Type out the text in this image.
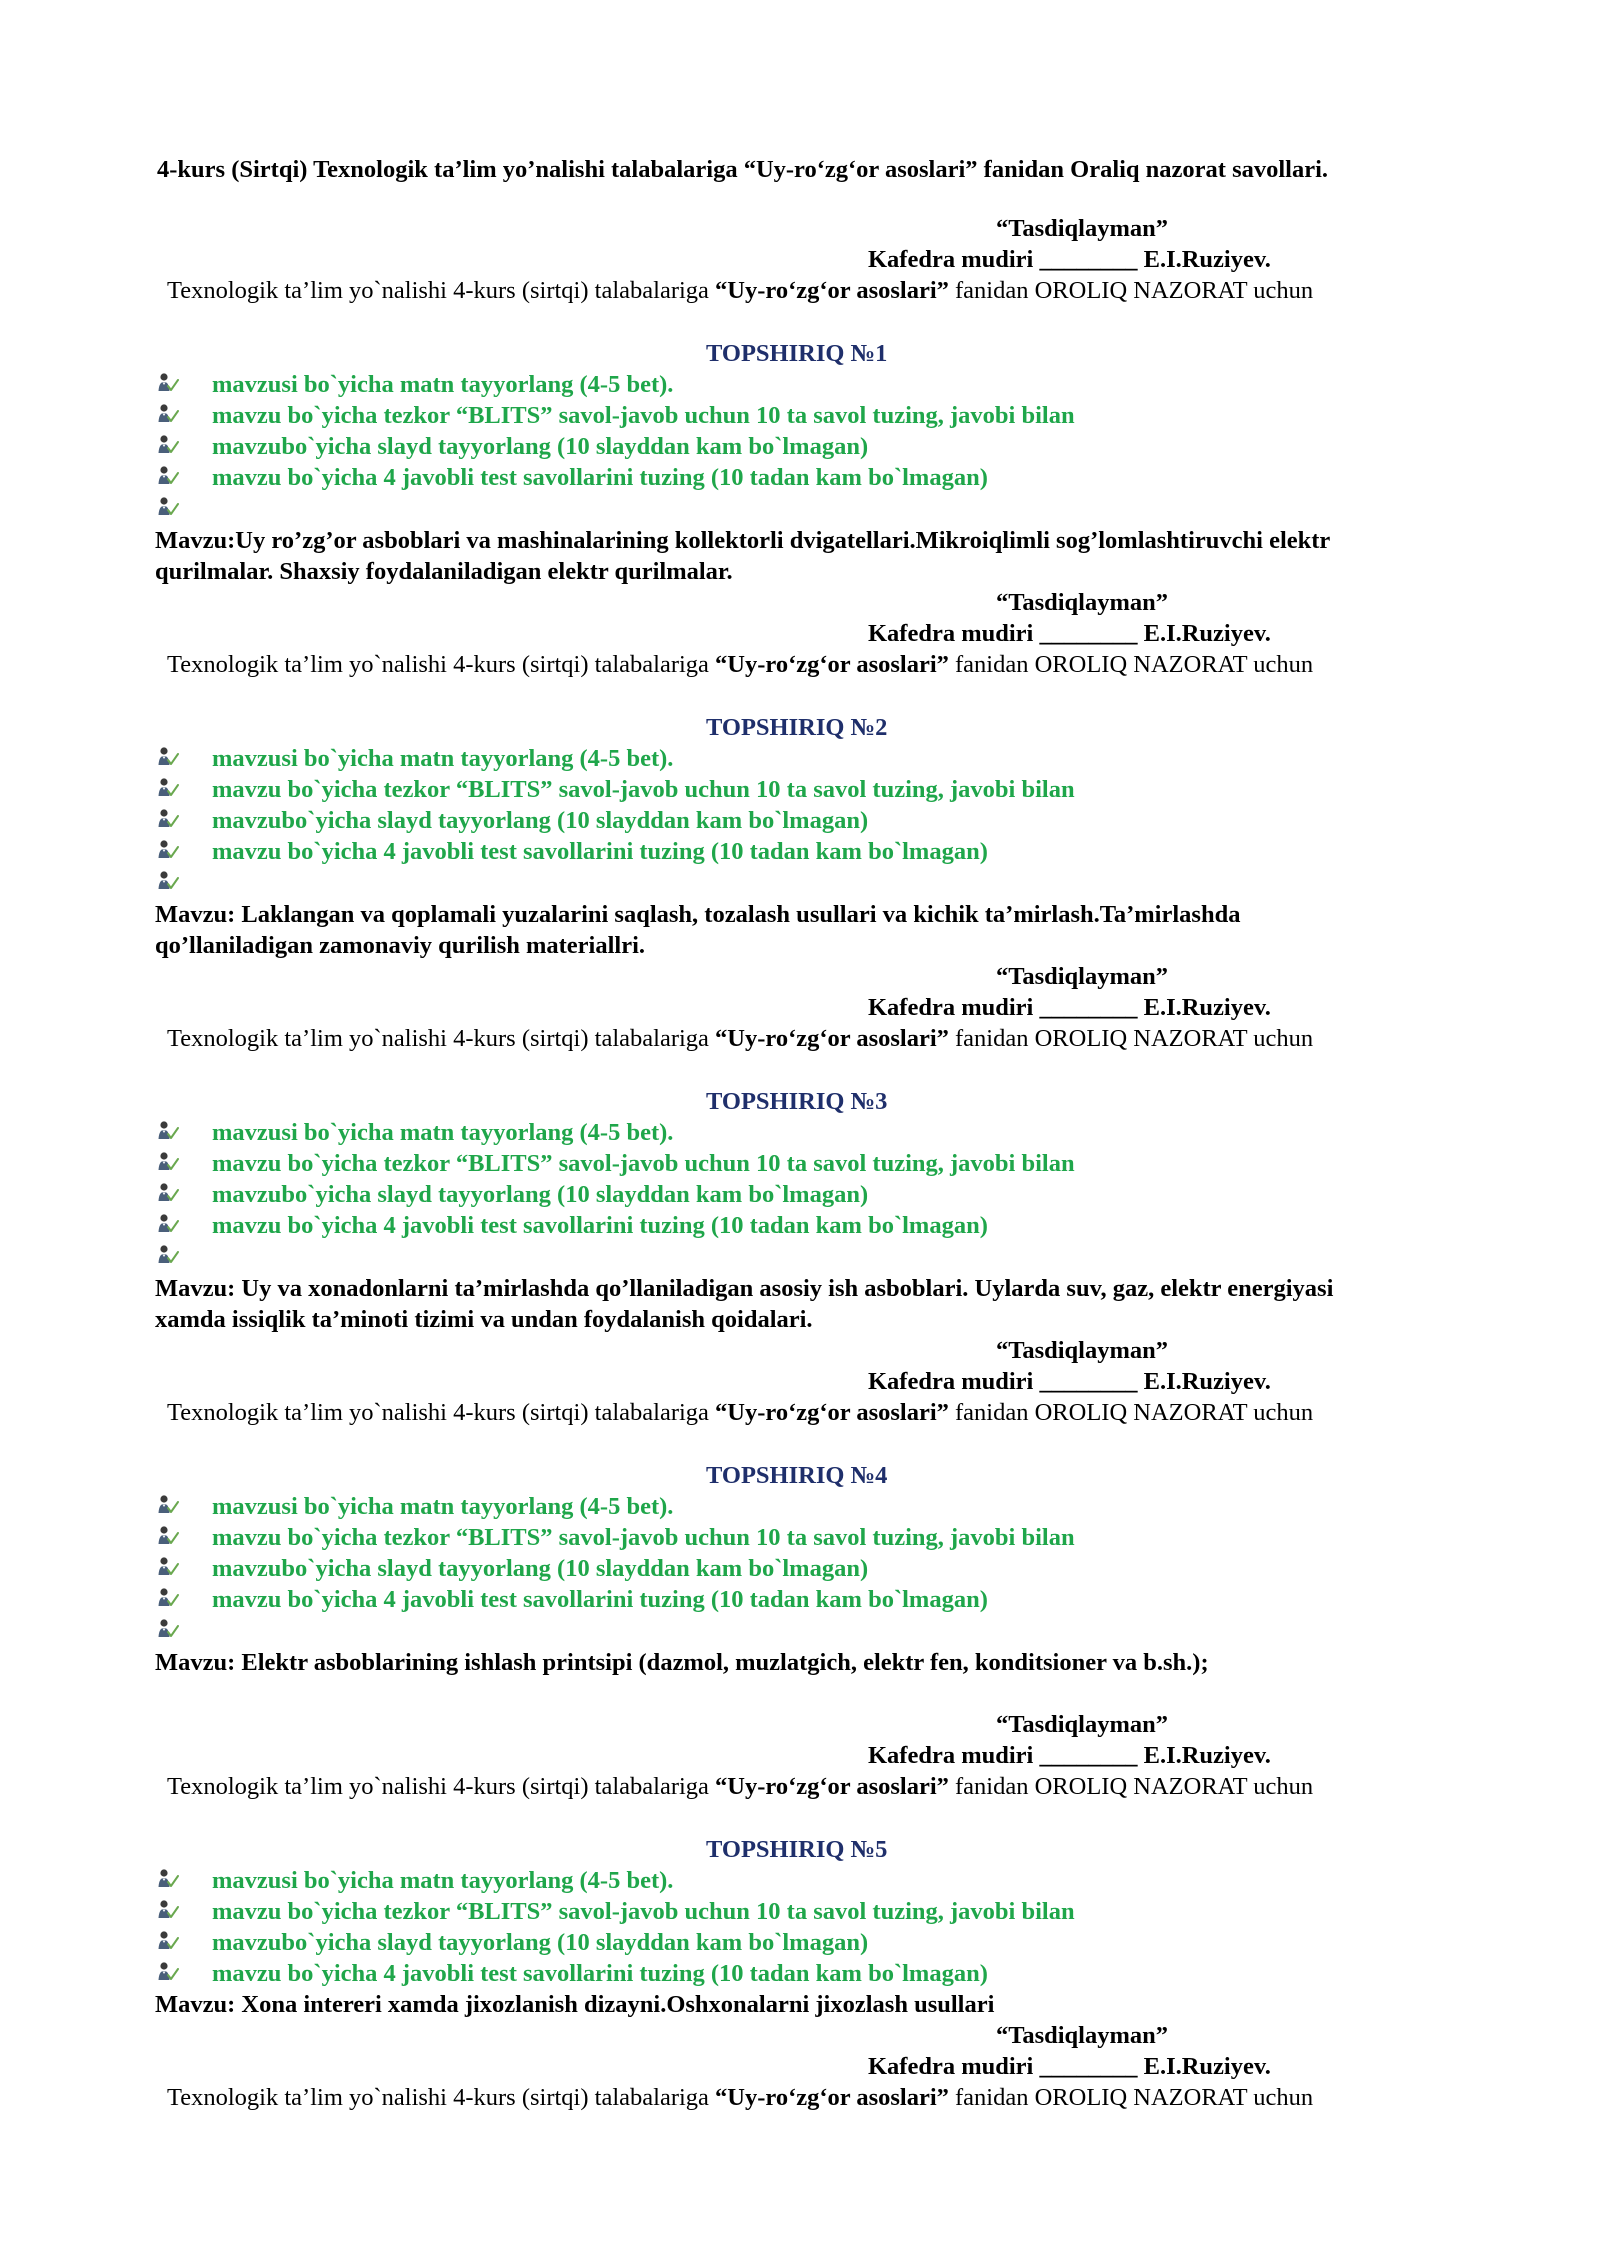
4-kurs (Sirtqi) Texnologik ta’lim yo’nalishi talabalariga “Uy-ro‘zg‘or asoslari” fanidan Oraliq nazorat savollari.
“Tasdiqlayman”
Kafedra mudiri ________ E.I.Ruziyev.
Texnologik ta’lim yo`nalishi 4-kurs (sirtqi) talabalariga “Uy-ro‘zg‘or asoslari” fanidan OROLIQ NAZORAT uchun
TOPSHIRIQ №1
mavzusi bo`yicha matn tayyorlang (4-5 bet).
mavzu bo`yicha tezkor “BLITS” savol-javob uchun 10 ta savol tuzing, javobi bilan
mavzubo`yicha slayd tayyorlang (10 slayddan kam bo`lmagan)
mavzu bo`yicha 4 javobli test savollarini tuzing (10 tadan kam bo`lmagan)
Mavzu:Uy ro’zg’or asboblari va mashinalarining kollektorli dvigatellari.Mikroiqlimli sog’lomlashtiruvchi elektr
qurilmalar. Shaxsiy foydalaniladigan elektr qurilmalar.
“Tasdiqlayman”
Kafedra mudiri ________ E.I.Ruziyev.
Texnologik ta’lim yo`nalishi 4-kurs (sirtqi) talabalariga “Uy-ro‘zg‘or asoslari” fanidan OROLIQ NAZORAT uchun
TOPSHIRIQ №2
mavzusi bo`yicha matn tayyorlang (4-5 bet).
mavzu bo`yicha tezkor “BLITS” savol-javob uchun 10 ta savol tuzing, javobi bilan
mavzubo`yicha slayd tayyorlang (10 slayddan kam bo`lmagan)
mavzu bo`yicha 4 javobli test savollarini tuzing (10 tadan kam bo`lmagan)
Mavzu: Laklangan va qoplamali yuzalarini saqlash, tozalash usullari va kichik ta’mirlash.Ta’mirlashda
qo’llaniladigan zamonaviy qurilish materiallri.
“Tasdiqlayman”
Kafedra mudiri ________ E.I.Ruziyev.
Texnologik ta’lim yo`nalishi 4-kurs (sirtqi) talabalariga “Uy-ro‘zg‘or asoslari” fanidan OROLIQ NAZORAT uchun
TOPSHIRIQ №3
mavzusi bo`yicha matn tayyorlang (4-5 bet).
mavzu bo`yicha tezkor “BLITS” savol-javob uchun 10 ta savol tuzing, javobi bilan
mavzubo`yicha slayd tayyorlang (10 slayddan kam bo`lmagan)
mavzu bo`yicha 4 javobli test savollarini tuzing (10 tadan kam bo`lmagan)
Mavzu: Uy va xonadonlarni ta’mirlashda qo’llaniladigan asosiy ish asboblari. Uylarda suv, gaz, elektr energiyasi
xamda issiqlik ta’minoti tizimi va undan foydalanish qoidalari.
“Tasdiqlayman”
Kafedra mudiri ________ E.I.Ruziyev.
Texnologik ta’lim yo`nalishi 4-kurs (sirtqi) talabalariga “Uy-ro‘zg‘or asoslari” fanidan OROLIQ NAZORAT uchun
TOPSHIRIQ №4
mavzusi bo`yicha matn tayyorlang (4-5 bet).
mavzu bo`yicha tezkor “BLITS” savol-javob uchun 10 ta savol tuzing, javobi bilan
mavzubo`yicha slayd tayyorlang (10 slayddan kam bo`lmagan)
mavzu bo`yicha 4 javobli test savollarini tuzing (10 tadan kam bo`lmagan)
Mavzu: Elektr asboblarining ishlash printsipi (dazmol, muzlatgich, elektr fen, konditsioner va b.sh.);
“Tasdiqlayman”
Kafedra mudiri ________ E.I.Ruziyev.
Texnologik ta’lim yo`nalishi 4-kurs (sirtqi) talabalariga “Uy-ro‘zg‘or asoslari” fanidan OROLIQ NAZORAT uchun
TOPSHIRIQ №5
mavzusi bo`yicha matn tayyorlang (4-5 bet).
mavzu bo`yicha tezkor “BLITS” savol-javob uchun 10 ta savol tuzing, javobi bilan
mavzubo`yicha slayd tayyorlang (10 slayddan kam bo`lmagan)
mavzu bo`yicha 4 javobli test savollarini tuzing (10 tadan kam bo`lmagan)
Mavzu: Xona intereri xamda jixozlanish dizayni.Oshxonalarni jixozlash usullari
“Tasdiqlayman”
Kafedra mudiri ________ E.I.Ruziyev.
Texnologik ta’lim yo`nalishi 4-kurs (sirtqi) talabalariga “Uy-ro‘zg‘or asoslari” fanidan OROLIQ NAZORAT uchun
